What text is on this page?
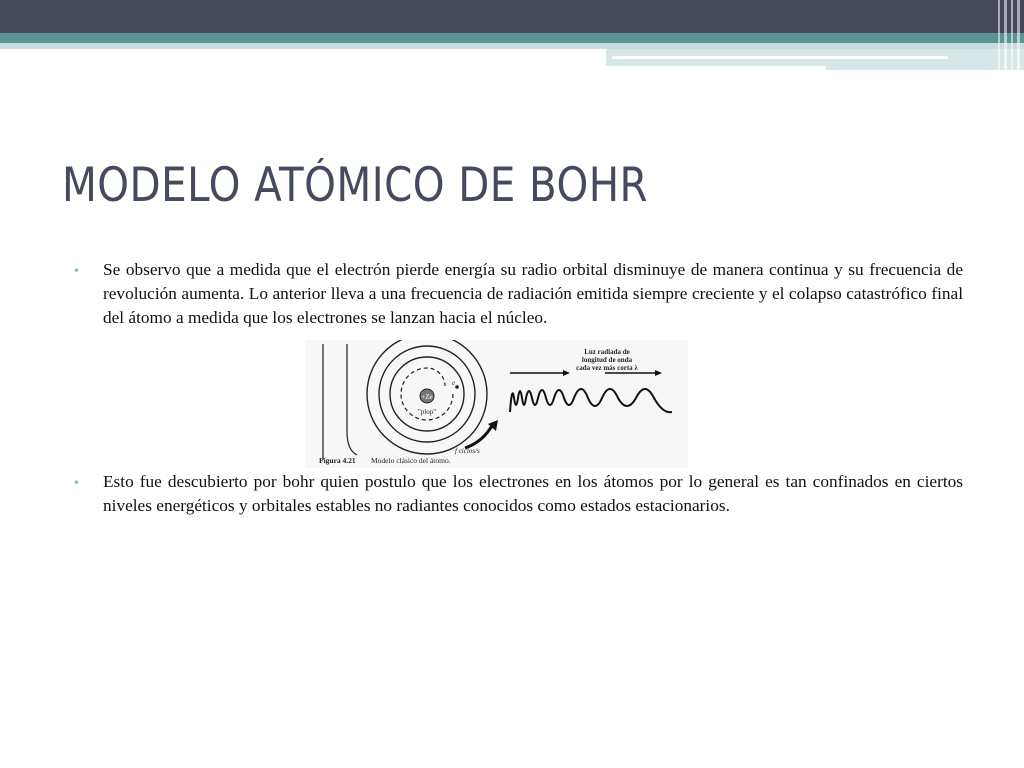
MODELO ATÓMICO DE BOHR
• Se observo que a medida que el electrón pierde energía su radio orbital disminuye de manera continua y su frecuencia de revolución aumenta. Lo anterior lleva a una frecuencia de radiación emitida siempre creciente y el colapso catastrófico final del átomo a medida que los electrones se lanzan hacia el núcleo.

+Ze
"plop"
e
f ciclos/s
Luz radiada de
longitud de onda
cada vez más corta λ
Figura 4.21 Modelo clásico del átomo.
• Esto fue descubierto por bohr quien postulo que los electrones en los átomos por lo general es tan confinados en ciertos niveles energéticos y orbitales estables no radiantes conocidos como estados estacionarios.
